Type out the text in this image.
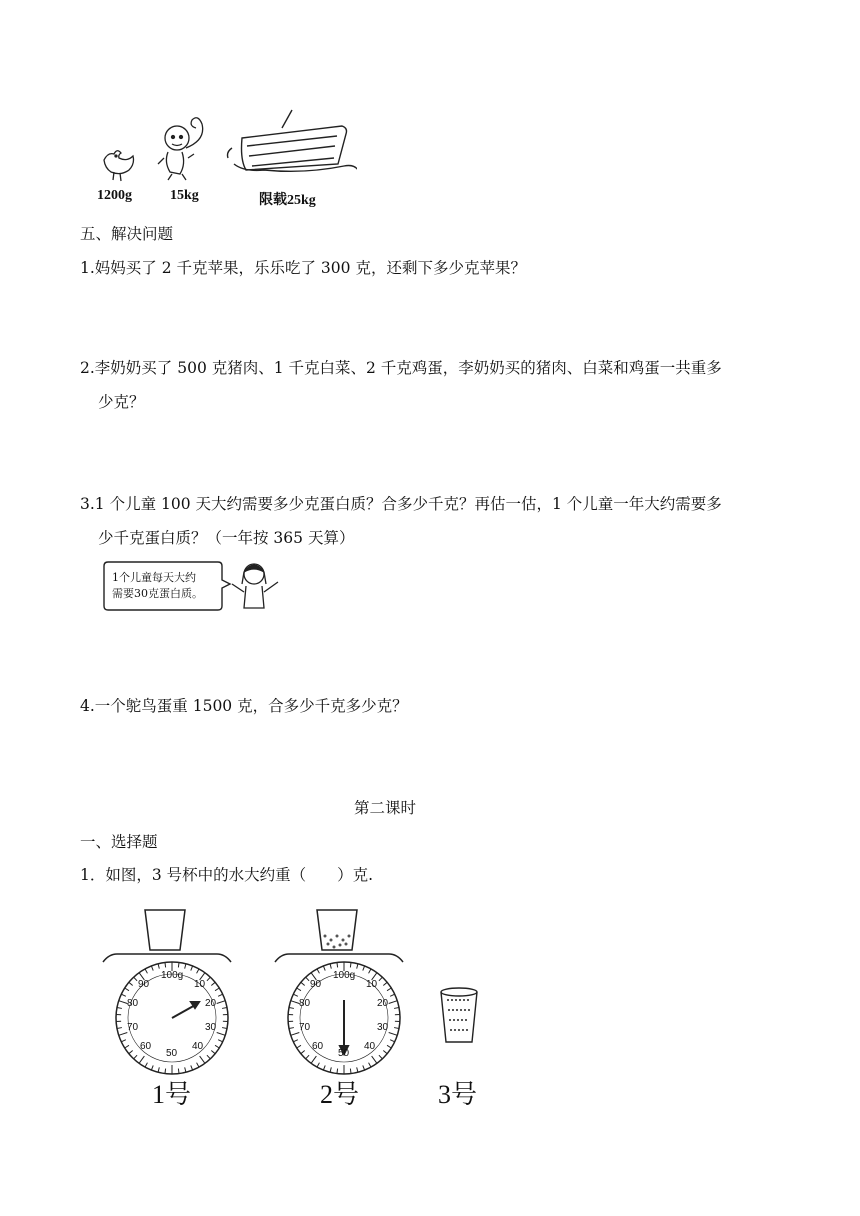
1200g	15kg	限载25kg
五、解决问题
1.妈妈买了 2 千克苹果，乐乐吃了 300 克，还剩下多少克苹果？
2.李奶奶买了 500 克猪肉、1 千克白菜、2 千克鸡蛋，李奶奶买的猪肉、白菜和鸡蛋一共重多
少克？
3.1 个儿童 100 天大约需要多少克蛋白质？合多少千克？再估一估，1 个儿童一年大约需要多
少千克蛋白质？（一年按 365 天算）
1个儿童每天大约
需要30克蛋白质。
4.一个鸵鸟蛋重 1500 克，合多少千克多少克？
第二课时
一、选择题
1．如图，3 号杯中的水大约重（　　）克.
100g
10
20
30
40
50
60
70
80
90
100g
10
20
30
40
50
60
70
80
90
1号	2号	3号
